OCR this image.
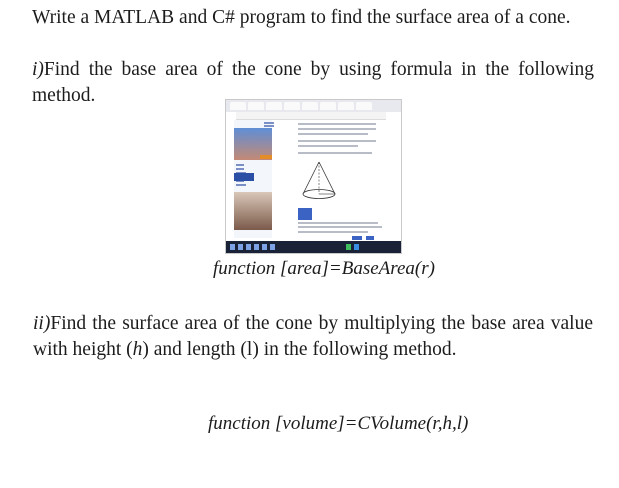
Write a MATLAB and C# program to find the surface area of a cone.
i)Find the base area of the cone by using formula in the following method.
function [area]=BaseArea(r)
ii)Find the surface area of the cone by multiplying the base area value with height (h) and length (l) in the following method.
function [volume]=CVolume(r,h,l)
